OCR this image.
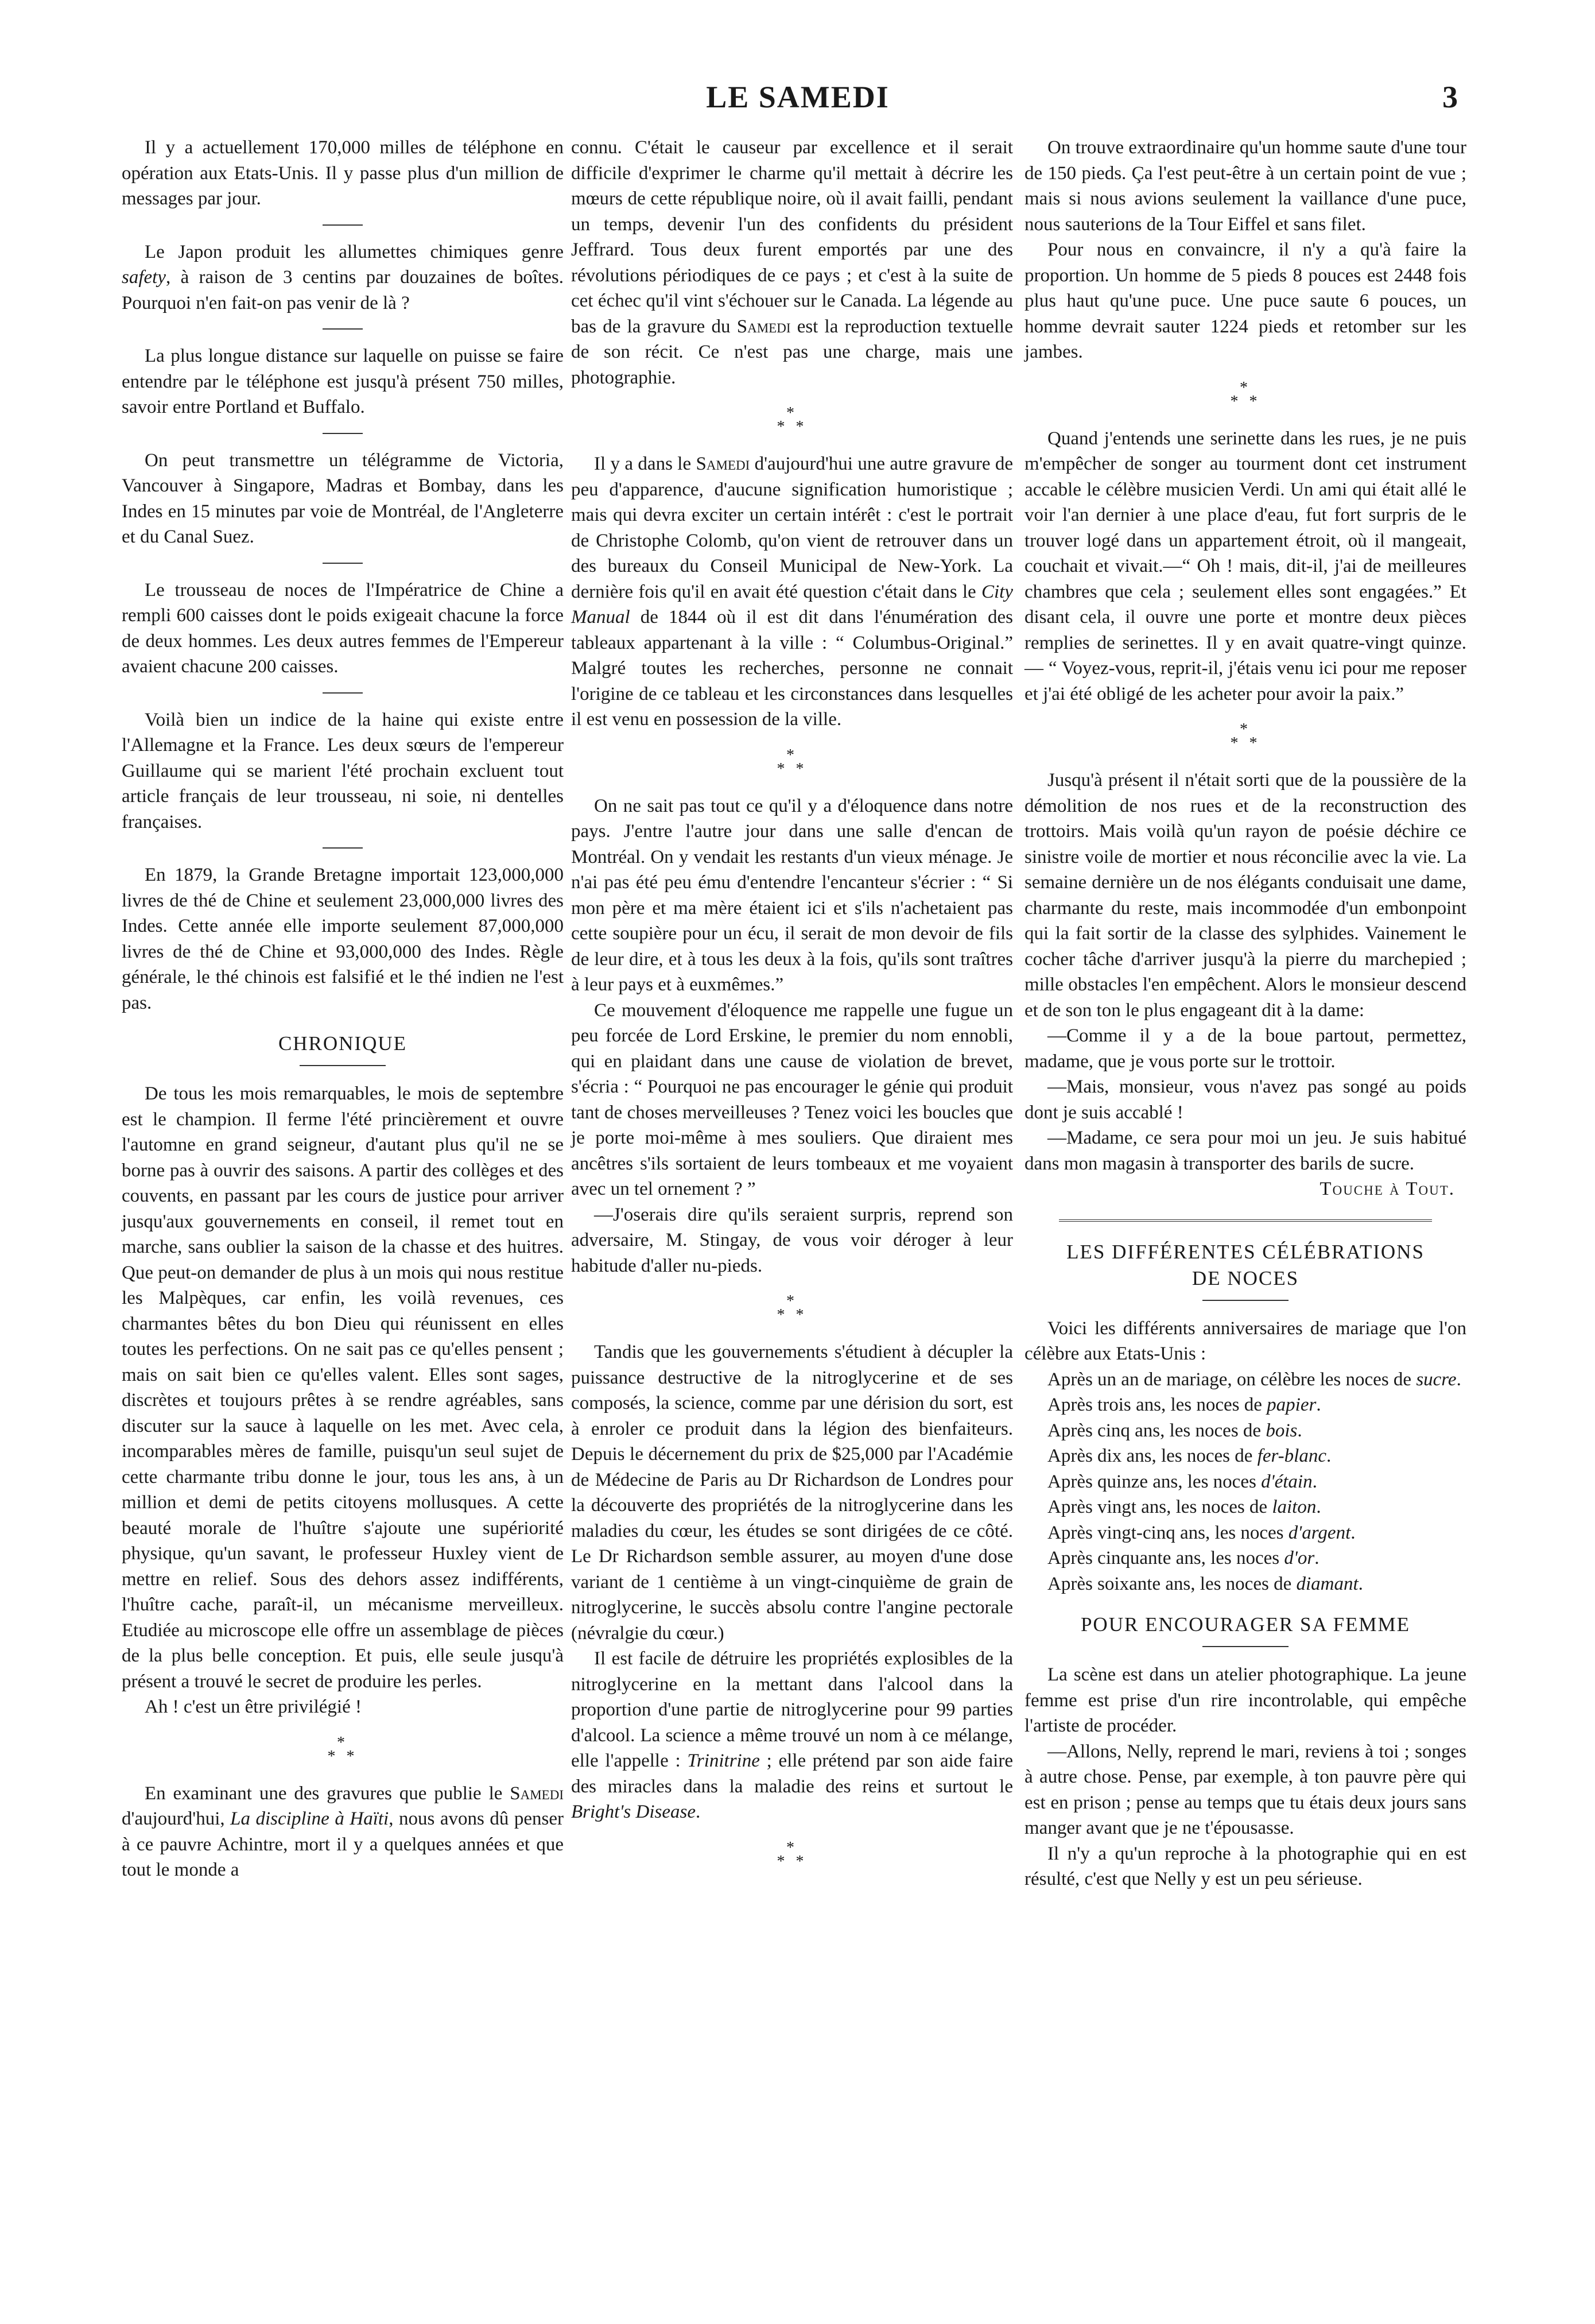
LE SAMEDI	3

Il y a actuellement 170,000 milles de téléphone en opération aux Etats-Unis. Il y passe plus d'un million de messages par jour.

Le Japon produit les allumettes chimiques genre safety, à raison de 3 centins par douzaines de boîtes. Pourquoi n'en fait-on pas venir de là ?

La plus longue distance sur laquelle on puisse se faire entendre par le téléphone est jusqu'à présent 750 milles, savoir entre Portland et Buffalo.

On peut transmettre un télégramme de Victoria, Vancouver à Singapore, Madras et Bombay, dans les Indes en 15 minutes par voie de Montréal, de l'Angleterre et du Canal Suez.

Le trousseau de noces de l'Impératrice de Chine a rempli 600 caisses dont le poids exigeait chacune la force de deux hommes. Les deux autres femmes de l'Empereur avaient chacune 200 caisses.

Voilà bien un indice de la haine qui existe entre l'Allemagne et la France. Les deux sœurs de l'empereur Guillaume qui se marient l'été prochain excluent tout article français de leur trousseau, ni soie, ni dentelles françaises.

En 1879, la Grande Bretagne importait 123,000,000 livres de thé de Chine et seulement 23,000,000 livres des Indes. Cette année elle importe seulement 87,000,000 livres de thé de Chine et 93,000,000 des Indes. Règle générale, le thé chinois est falsifié et le thé indien ne l'est pas.

CHRONIQUE

De tous les mois remarquables, le mois de septembre est le champion. Il ferme l'été princièrement et ouvre l'automne en grand seigneur, d'autant plus qu'il ne se borne pas à ouvrir des saisons. A partir des collèges et des couvents, en passant par les cours de justice pour arriver jusqu'aux gouvernements en conseil, il remet tout en marche, sans oublier la saison de la chasse et des huitres. Que peut-on demander de plus à un mois qui nous restitue les Malpèques, car enfin, les voilà revenues, ces charmantes bêtes du bon Dieu qui réunissent en elles toutes les perfections. On ne sait pas ce qu'elles pensent ; mais on sait bien ce qu'elles valent. Elles sont sages, discrètes et toujours prêtes à se rendre agréables, sans discuter sur la sauce à laquelle on les met. Avec cela, incomparables mères de famille, puisqu'un seul sujet de cette charmante tribu donne le jour, tous les ans, à un million et demi de petits citoyens mollusques. A cette beauté morale de l'huître s'ajoute une supériorité physique, qu'un savant, le professeur Huxley vient de mettre en relief. Sous des dehors assez indifférents, l'huître cache, paraît-il, un mécanisme merveilleux. Etudiée au microscope elle offre un assemblage de pièces de la plus belle conception. Et puis, elle seule jusqu'à présent a trouvé le secret de produire les perles.

Ah ! c'est un être privilégié !

*
* *

En examinant une des gravures que publie le Samedi d'aujourd'hui, La discipline à Haïti, nous avons dû penser à ce pauvre Achintre, mort il y a quelques années et que tout le monde a

connu. C'était le causeur par excellence et il serait difficile d'exprimer le charme qu'il mettait à décrire les mœurs de cette république noire, où il avait failli, pendant un temps, devenir l'un des confidents du président Jeffrard. Tous deux furent emportés par une des révolutions périodiques de ce pays ; et c'est à la suite de cet échec qu'il vint s'échouer sur le Canada. La légende au bas de la gravure du Samedi est la reproduction textuelle de son récit. Ce n'est pas une charge, mais une photographie.

*
* *

Il y a dans le Samedi d'aujourd'hui une autre gravure de peu d'apparence, d'aucune signification humoristique ; mais qui devra exciter un certain intérêt : c'est le portrait de Christophe Colomb, qu'on vient de retrouver dans un des bureaux du Conseil Municipal de New-York. La dernière fois qu'il en avait été question c'était dans le City Manual de 1844 où il est dit dans l'énumération des tableaux appartenant à la ville : “ Columbus-Original.” Malgré toutes les recherches, personne ne connait l'origine de ce tableau et les circonstances dans lesquelles il est venu en possession de la ville.

*
* *

On ne sait pas tout ce qu'il y a d'éloquence dans notre pays. J'entre l'autre jour dans une salle d'encan de Montréal. On y vendait les restants d'un vieux ménage. Je n'ai pas été peu ému d'entendre l'encanteur s'écrier : “ Si mon père et ma mère étaient ici et s'ils n'achetaient pas cette soupière pour un écu, il serait de mon devoir de fils de leur dire, et à tous les deux à la fois, qu'ils sont traîtres à leur pays et à euxmêmes.”

Ce mouvement d'éloquence me rappelle une fugue un peu forcée de Lord Erskine, le premier du nom ennobli, qui en plaidant dans une cause de violation de brevet, s'écria : “ Pourquoi ne pas encourager le génie qui produit tant de choses merveilleuses ? Tenez voici les boucles que je porte moi-même à mes souliers. Que diraient mes ancêtres s'ils sortaient de leurs tombeaux et me voyaient avec un tel ornement ? ”

—J'oserais dire qu'ils seraient surpris, reprend son adversaire, M. Stingay, de vous voir déroger à leur habitude d'aller nu-pieds.

*
* *

Tandis que les gouvernements s'étudient à décupler la puissance destructive de la nitroglycerine et de ses composés, la science, comme par une dérision du sort, est à enroler ce produit dans la légion des bienfaiteurs. Depuis le décernement du prix de $25,000 par l'Académie de Médecine de Paris au Dr Richardson de Londres pour la découverte des propriétés de la nitroglycerine dans les maladies du cœur, les études se sont dirigées de ce côté. Le Dr Richardson semble assurer, au moyen d'une dose variant de 1 centième à un vingt-cinquième de grain de nitroglycerine, le succès absolu contre l'angine pectorale (névralgie du cœur.)

Il est facile de détruire les propriétés explosibles de la nitroglycerine en la mettant dans l'alcool dans la proportion d'une partie de nitroglycerine pour 99 parties d'alcool. La science a même trouvé un nom à ce mélange, elle l'appelle : Trinitrine ; elle prétend par son aide faire des miracles dans la maladie des reins et surtout le Bright's Disease.

*
* *

On trouve extraordinaire qu'un homme saute d'une tour de 150 pieds. Ça l'est peut-être à un certain point de vue ; mais si nous avions seulement la vaillance d'une puce, nous sauterions de la Tour Eiffel et sans filet.

Pour nous en convaincre, il n'y a qu'à faire la proportion. Un homme de 5 pieds 8 pouces est 2448 fois plus haut qu'une puce. Une puce saute 6 pouces, un homme devrait sauter 1224 pieds et retomber sur les jambes.

*
* *

Quand j'entends une serinette dans les rues, je ne puis m'empêcher de songer au tourment dont cet instrument accable le célèbre musicien Verdi. Un ami qui était allé le voir l'an dernier à une place d'eau, fut fort surpris de le trouver logé dans un appartement étroit, où il mangeait, couchait et vivait.—“ Oh ! mais, dit-il, j'ai de meilleures chambres que cela ; seulement elles sont engagées.” Et disant cela, il ouvre une porte et montre deux pièces remplies de serinettes. Il y en avait quatre-vingt quinze. — “ Voyez-vous, reprit-il, j'étais venu ici pour me reposer et j'ai été obligé de les acheter pour avoir la paix.”

*
* *

Jusqu'à présent il n'était sorti que de la poussière de la démolition de nos rues et de la reconstruction des trottoirs. Mais voilà qu'un rayon de poésie déchire ce sinistre voile de mortier et nous réconcilie avec la vie. La semaine dernière un de nos élégants conduisait une dame, charmante du reste, mais incommodée d'un embonpoint qui la fait sortir de la classe des sylphides. Vainement le cocher tâche d'arriver jusqu'à la pierre du marchepied ; mille obstacles l'en empêchent. Alors le monsieur descend et de son ton le plus engageant dit à la dame:

—Comme il y a de la boue partout, permettez, madame, que je vous porte sur le trottoir.

—Mais, monsieur, vous n'avez pas songé au poids dont je suis accablé !

—Madame, ce sera pour moi un jeu. Je suis habitué dans mon magasin à transporter des barils de sucre.

Touche à Tout.
LES DIFFÉRENTES CÉLÉBRATIONS
DE NOCES

Voici les différents anniversaires de mariage que l'on célèbre aux Etats-Unis :

Après un an de mariage, on célèbre les noces de sucre.
Après trois ans, les noces de papier.
Après cinq ans, les noces de bois.
Après dix ans, les noces de fer-blanc.
Après quinze ans, les noces d'étain.
Après vingt ans, les noces de laiton.
Après vingt-cinq ans, les noces d'argent.
Après cinquante ans, les noces d'or.
Après soixante ans, les noces de diamant.
POUR ENCOURAGER SA FEMME

La scène est dans un atelier photographique. La jeune femme est prise d'un rire incontrolable, qui empêche l'artiste de procéder.

—Allons, Nelly, reprend le mari, reviens à toi ; songes à autre chose. Pense, par exemple, à ton pauvre père qui est en prison ; pense au temps que tu étais deux jours sans manger avant que je ne t'épousasse.

Il n'y a qu'un reproche à la photographie qui en est résulté, c'est que Nelly y est un peu sérieuse.
